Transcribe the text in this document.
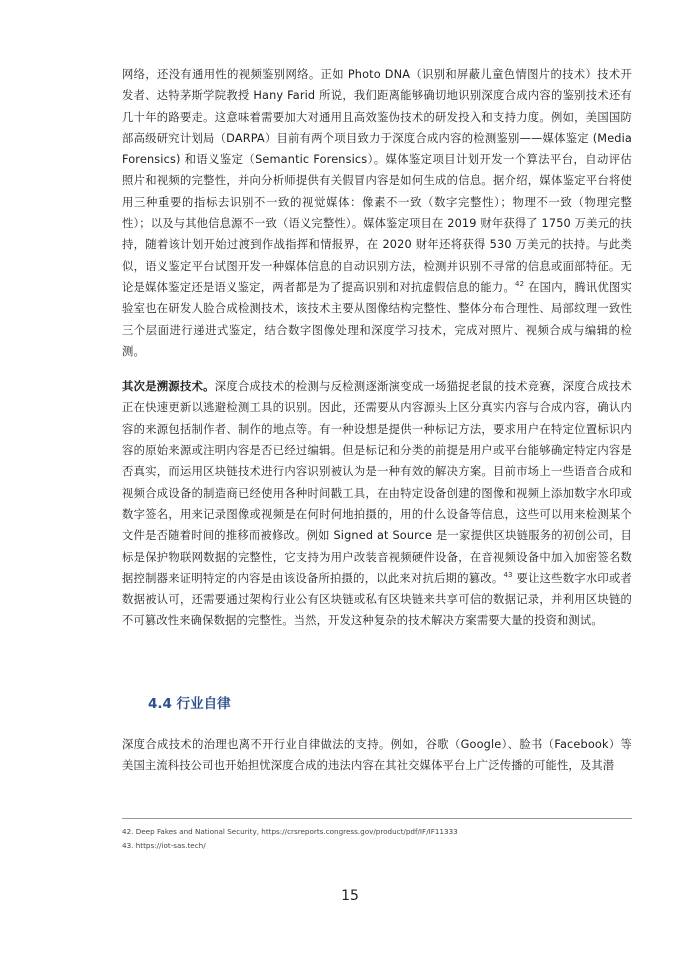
网络，还没有通用性的视频鉴别网络。正如 Photo DNA（识别和屏蔽儿童色情图片的技术）技术开发者、达特茅斯学院教授 Hany Farid 所说，我们距离能够确切地识别深度合成内容的鉴别技术还有几十年的路要走。这意味着需要加大对通用且高效鉴伪技术的研发投入和支持力度。例如，美国国防部高级研究计划局（DARPA）目前有两个项目致力于深度合成内容的检测鉴别——媒体鉴定 (Media Forensics) 和语义鉴定（Semantic Forensics）。媒体鉴定项目计划开发一个算法平台，自动评估照片和视频的完整性，并向分析师提供有关假冒内容是如何生成的信息。据介绍，媒体鉴定平台将使用三种重要的指标去识别不一致的视觉媒体：像素不一致（数字完整性）；物理不一致（物理完整性）；以及与其他信息源不一致（语义完整性）。媒体鉴定项目在 2019 财年获得了 1750 万美元的扶持，随着该计划开始过渡到作战指挥和情报界，在 2020 财年还将获得 530 万美元的扶持。与此类似，语义鉴定平台试图开发一种媒体信息的自动识别方法，检测并识别不寻常的信息或面部特征。无论是媒体鉴定还是语义鉴定，两者都是为了提高识别和对抗虚假信息的能力。$^{42}$ 在国内，腾讯优图实验室也在研发人脸合成检测技术，该技术主要从图像结构完整性、整体分布合理性、局部纹理一致性三个层面进行递进式鉴定，结合数字图像处理和深度学习技术，完成对照片、视频合成与编辑的检测。

其次是溯源技术。深度合成技术的检测与反检测逐渐演变成一场猫捉老鼠的技术竞赛，深度合成技术正在快速更新以逃避检测工具的识别。因此，还需要从内容源头上区分真实内容与合成内容，确认内容的来源包括制作者、制作的地点等。有一种设想是提供一种标记方法，要求用户在特定位置标识内容的原始来源或注明内容是否已经过编辑。但是标记和分类的前提是用户或平台能够确定特定内容是否真实，而运用区块链技术进行内容识别被认为是一种有效的解决方案。目前市场上一些语音合成和视频合成设备的制造商已经使用各种时间戳工具，在由特定设备创建的图像和视频上添加数字水印或数字签名，用来记录图像或视频是在何时何地拍摄的，用的什么设备等信息，这些可以用来检测某个文件是否随着时间的推移而被修改。例如 Signed at Source 是一家提供区块链服务的初创公司，目标是保护物联网数据的完整性，它支持为用户改装音视频硬件设备，在音视频设备中加入加密签名数据控制器来证明特定的内容是由该设备所拍摄的，以此来对抗后期的篡改。$^{43}$ 要让这些数字水印或者数据被认可，还需要通过架构行业公有区块链或私有区块链来共享可信的数据记录，并利用区块链的不可篡改性来确保数据的完整性。当然，开发这种复杂的技术解决方案需要大量的投资和测试。

4.4 行业自律

深度合成技术的治理也离不开行业自律做法的支持。例如，谷歌（Google）、脸书（Facebook）等美国主流科技公司也开始担忧深度合成的违法内容在其社交媒体平台上广泛传播的可能性，及其潜

42. Deep Fakes and National Security, https://crsreports.congress.gov/product/pdf/IF/IF11333
43. https://iot-sas.tech/
15
